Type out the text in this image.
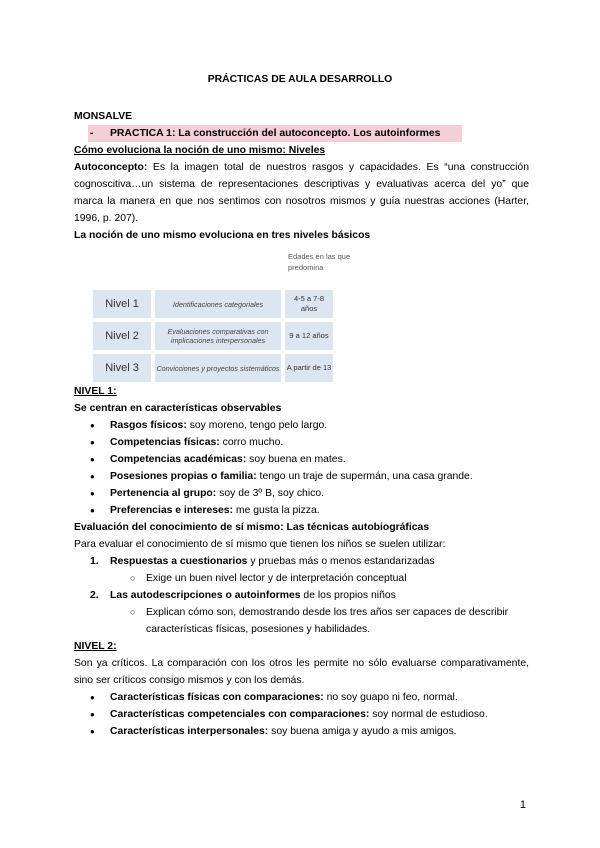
PRÁCTICAS DE AULA DESARROLLO
MONSALVE
- PRACTICA 1: La construcción del autoconcepto. Los autoinformes
Cómo evoluciona la noción de uno mismo: Niveles
Autoconcepto: Es la imagen total de nuestros rasgos y capacidades. Es “una construcción cognoscitiva…un sistema de representaciones descriptivas y evaluativas acerca del yo” que marca la manera en que nos sentimos con nosotros mismos y guía nuestras acciones (Harter, 1996, p. 207).
La noción de uno mismo evoluciona en tres niveles básicos
Edades en las que predomina
Nivel 1	Identificaciones categoriales	4-5 a 7-8 años
Nivel 2	Evaluaciones comparativas con implicaciones interpersonales	9 a 12 años
Nivel 3	Convicciones y proyectos sistemáticos	A partir de 13
NIVEL 1:
Se centran en características observables
● Rasgos físicos: soy moreno, tengo pelo largo.
● Competencias físicas: corro mucho.
● Competencias académicas: soy buena en mates.
● Posesiones propias o familia: tengo un traje de supermán, una casa grande.
● Pertenencia al grupo: soy de 3º B, soy chico.
● Preferencias e intereses: me gusta la pizza.
Evaluación del conocimiento de sí mismo: Las técnicas autobiográficas
Para evaluar el conocimiento de sí mismo que tienen los niños se suelen utilizar:
1. Respuestas a cuestionarios y pruebas más o menos estandarizadas
○ Exige un buen nivel lector y de interpretación conceptual
2. Las autodescripciones o autoinformes de los propios niños
○ Explican cómo son, demostrando desde los tres años ser capaces de describir características físicas, posesiones y habilidades.
NIVEL 2:
Son ya críticos. La comparación con los otros les permite no sólo evaluarse comparativamente, sino ser críticos consigo mismos y con los demás.
● Características físicas con comparaciones: no soy guapo ni feo, normal.
● Características competenciales con comparaciones: soy normal de estudioso.
● Características interpersonales: soy buena amiga y ayudo a mis amigos.
1
